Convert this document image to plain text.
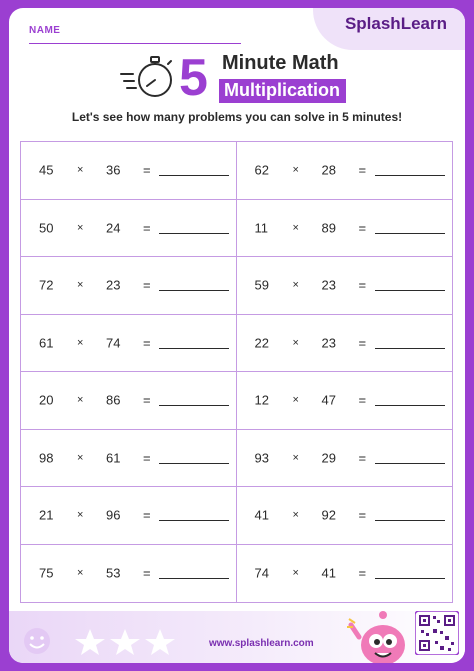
NAME	SplashLearn
5 Minute Math
Multiplication
Let's see how many problems you can solve in 5 minutes!
45 × 36 =	62 × 28 =
50 × 24 =	11 × 89 =
72 × 23 =	59 × 23 =
61 × 74 =	22 × 23 =
20 × 86 =	12 × 47 =
98 × 61 =	93 × 29 =
21 × 96 =	41 × 92 =
75 × 53 =	74 × 41 =
www.splashlearn.com
